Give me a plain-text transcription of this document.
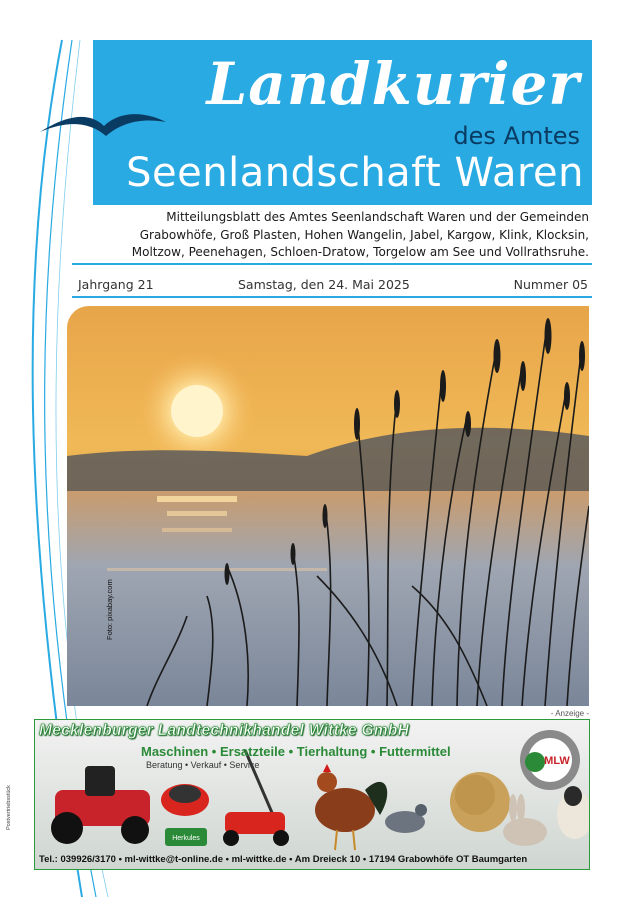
Landkurier
des Amtes
Seenlandschaft Waren
Mitteilungsblatt des Amtes Seenlandschaft Waren und der Gemeinden Grabowhöfe, Groß Plasten, Hohen Wangelin, Jabel, Kargow, Klink, Klocksin, Moltzow, Peenehagen, Schloen-Dratow, Torgelow am See und Vollrathsruhe.
Jahrgang 21	Samstag, den 24. Mai 2025	Nummer 05
Foto: pixabay.com
- Anzeige -
Herkules
MLW
Mecklenburger Landtechnikhandel Wittke GmbH
Maschinen • Ersatzteile • Tierhaltung • Futtermittel
Beratung • Verkauf • Service
Tel.: 039926/3170 • ml-wittke@t-online.de • ml-wittke.de • Am Dreieck 10 • 17194 Grabowhöfe OT Baumgarten
Postvertriebsstück
